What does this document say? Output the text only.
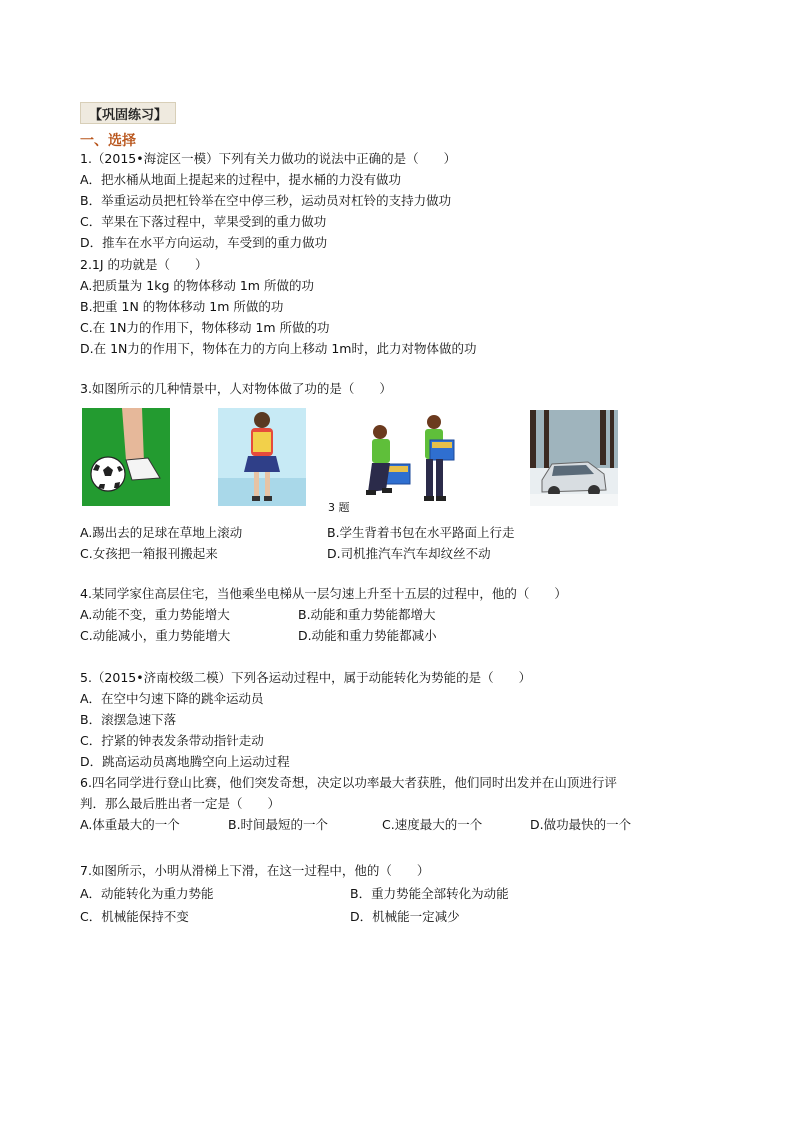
【巩固练习】
一、选择
1.（2015•海淀区一模）下列有关力做功的说法中正确的是（　　）
A．把水桶从地面上提起来的过程中，提水桶的力没有做功
B．举重运动员把杠铃举在空中停三秒，运动员对杠铃的支持力做功
C．苹果在下落过程中，苹果受到的重力做功
D．推车在水平方向运动，车受到的重力做功
2.1J 的功就是（　　）
A.把质量为 1kg 的物体移动 1m 所做的功
B.把重 1N 的物体移动 1m 所做的功
C.在 1N力的作用下，物体移动 1m 所做的功
D.在 1N力的作用下，物体在力的方向上移动 1m时，此力对物体做的功
3.如图所示的几种情景中，人对物体做了功的是（　　）
3 题
A.踢出去的足球在草地上滚动	B.学生背着书包在水平路面上行走
C.女孩把一箱报刊搬起来	D.司机推汽车汽车却纹丝不动
4.某同学家住高层住宅，当他乘坐电梯从一层匀速上升至十五层的过程中，他的（　　）
A.动能不变，重力势能增大	B.动能和重力势能都增大
C.动能减小，重力势能增大	D.动能和重力势能都减小
5.（2015•济南校级二模）下列各运动过程中，属于动能转化为势能的是（　　）
A．在空中匀速下降的跳伞运动员
B．滚摆急速下落
C．拧紧的钟表发条带动指针走动
D．跳高运动员离地腾空向上运动过程
6.四名同学进行登山比赛，他们突发奇想，决定以功率最大者获胜，他们同时出发并在山顶进行评
判．那么最后胜出者一定是（　　）
A.体重最大的一个	B.时间最短的一个	C.速度最大的一个	D.做功最快的一个
7.如图所示，小明从滑梯上下滑，在这一过程中，他的（　　）
A．动能转化为重力势能	B．重力势能全部转化为动能
C．机械能保持不变	D．机械能一定减少
